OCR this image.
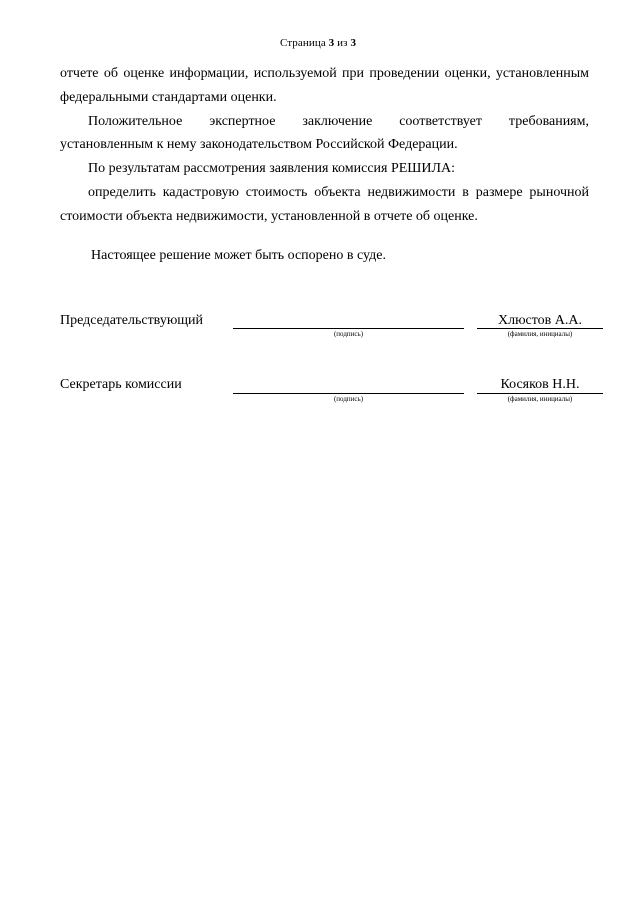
Страница 3 из 3
отчете об оценке информации, используемой при проведении оценки, установленным
федеральными стандартами оценки.
Положительное экспертное заключение соответствует требованиям,
установленным к нему законодательством Российской Федерации.
По результатам рассмотрения заявления комиссия РЕШИЛА:
определить кадастровую стоимость объекта недвижимости в размере рыночной
стоимости объекта недвижимости, установленной в отчете об оценке.
Настоящее решение может быть оспорено в суде.
Председательствующий
(подпись)
Хлюстов А.А.
(фамилия, инициалы)
Секретарь комиссии
(подпись)
Косяков Н.Н.
(фамилия, инициалы)
